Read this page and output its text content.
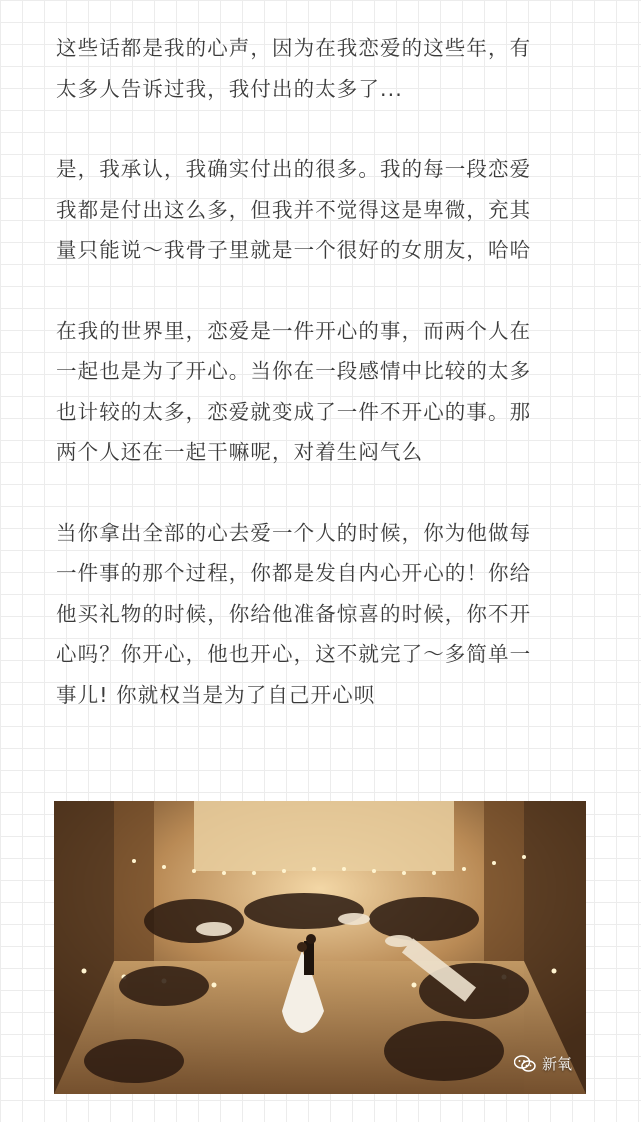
这些话都是我的心声，因为在我恋爱的这些年，有
太多人告诉过我，我付出的太多了...

是，我承认，我确实付出的很多。我的每一段恋爱
我都是付出这么多，但我并不觉得这是卑微，充其
量只能说～我骨子里就是一个很好的女朋友，哈哈

在我的世界里，恋爱是一件开心的事，而两个人在
一起也是为了开心。当你在一段感情中比较的太多
也计较的太多，恋爱就变成了一件不开心的事。那
两个人还在一起干嘛呢，对着生闷气么

当你拿出全部的心去爱一个人的时候，你为他做每
一件事的那个过程，你都是发自内心开心的！你给
他买礼物的时候，你给他准备惊喜的时候，你不开
心吗？你开心，他也开心，这不就完了～多简单一
事儿! 你就权当是为了自己开心呗

新氧
